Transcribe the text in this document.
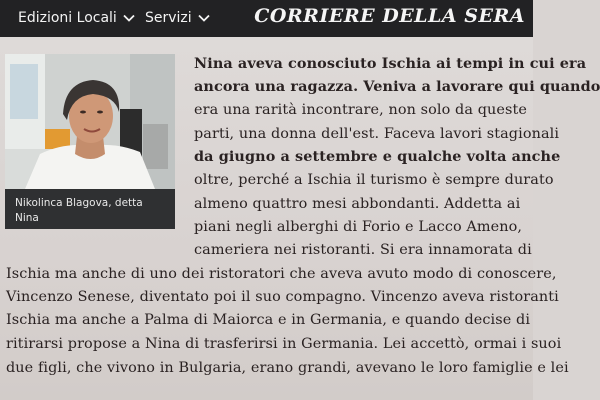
Edizioni Locali Servizi	CORRIERE DELLA SERA
Nikolinca Blagova, detta
Nina
Nina aveva conosciuto Ischia ai tempi in cui era
ancora una ragazza. Veniva a lavorare qui quando
era una rarità incontrare, non solo da queste
parti, una donna dell'est. Faceva lavori stagionali
da giugno a settembre e qualche volta anche
oltre, perché a Ischia il turismo è sempre durato
almeno quattro mesi abbondanti. Addetta ai
piani negli alberghi di Forio e Lacco Ameno,
cameriera nei ristoranti. Si era innamorata di
Ischia ma anche di uno dei ristoratori che aveva avuto modo di conoscere,
Vincenzo Senese, diventato poi il suo compagno. Vincenzo aveva ristoranti
Ischia ma anche a Palma di Maiorca e in Germania, e quando decise di
ritirarsi propose a Nina di trasferirsi in Germania. Lei accettò, ormai i suoi
due figli, che vivono in Bulgaria, erano grandi, avevano le loro famiglie e lei
